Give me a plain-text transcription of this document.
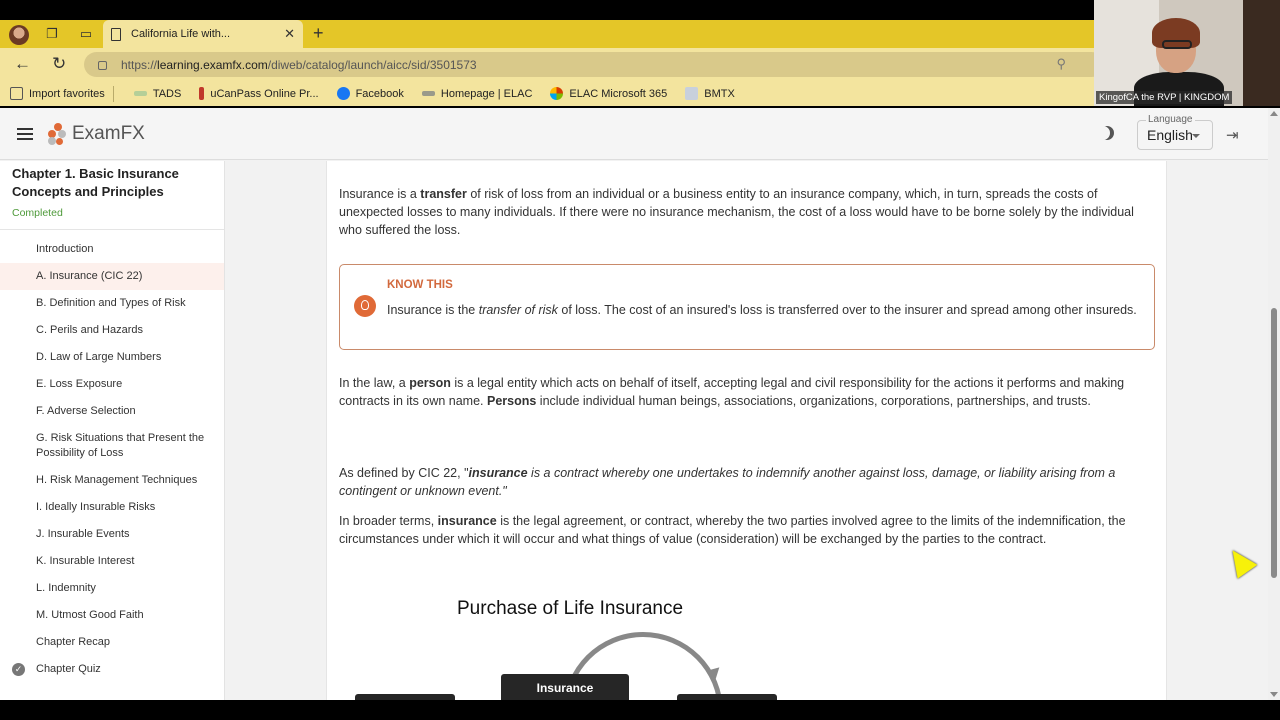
❐ ▭	California Life with...	✕ +
← ↻	https:// learning.examfx.com /diweb/catalog/launch/aicc/sid/3501573	⚲
Import favorites	TADS	uCanPass Online Pr...	Facebook	Homepage | ELAC	ELAC Microsoft 365	BMTX	KingofCA the RVP | KINGDOM
ExamFX
Language
English ⇥
Chapter 1. Basic Insurance Concepts and Principles
Completed
Introduction
A. Insurance (CIC 22)
B. Definition and Types of Risk
C. Perils and Hazards
D. Law of Large Numbers
E. Loss Exposure
F. Adverse Selection
G. Risk Situations that Present the Possibility of Loss
H. Risk Management Techniques
I. Ideally Insurable Risks
J. Insurable Events
K. Insurable Interest
L. Indemnity
M. Utmost Good Faith
Chapter Recap
✓ Chapter Quiz

Insurance is a transfer of risk of loss from an individual or a business entity to an insurance company, which, in turn, spreads the costs of unexpected losses to many individuals. If there were no insurance mechanism, the cost of a loss would have to be borne solely by the individual who suffered the loss.

KNOW THIS
Insurance is the transfer of risk of loss. The cost of an insured's loss is transferred over to the insurer and spread among other insureds.

In the law, a person is a legal entity which acts on behalf of itself, accepting legal and civil responsibility for the actions it performs and making contracts in its own name. Persons include individual human beings, associations, organizations, corporations, partnerships, and trusts.

As defined by CIC 22, "insurance is a contract whereby one undertakes to indemnify another against loss, damage, or liability arising from a contingent or unknown event."

In broader terms, insurance is the legal agreement, or contract, whereby the two parties involved agree to the limits of the indemnification, the circumstances under which it will occur and what things of value (consideration) will be exchanged by the parties to the contract.

Purchase of Life Insurance
Insurance
